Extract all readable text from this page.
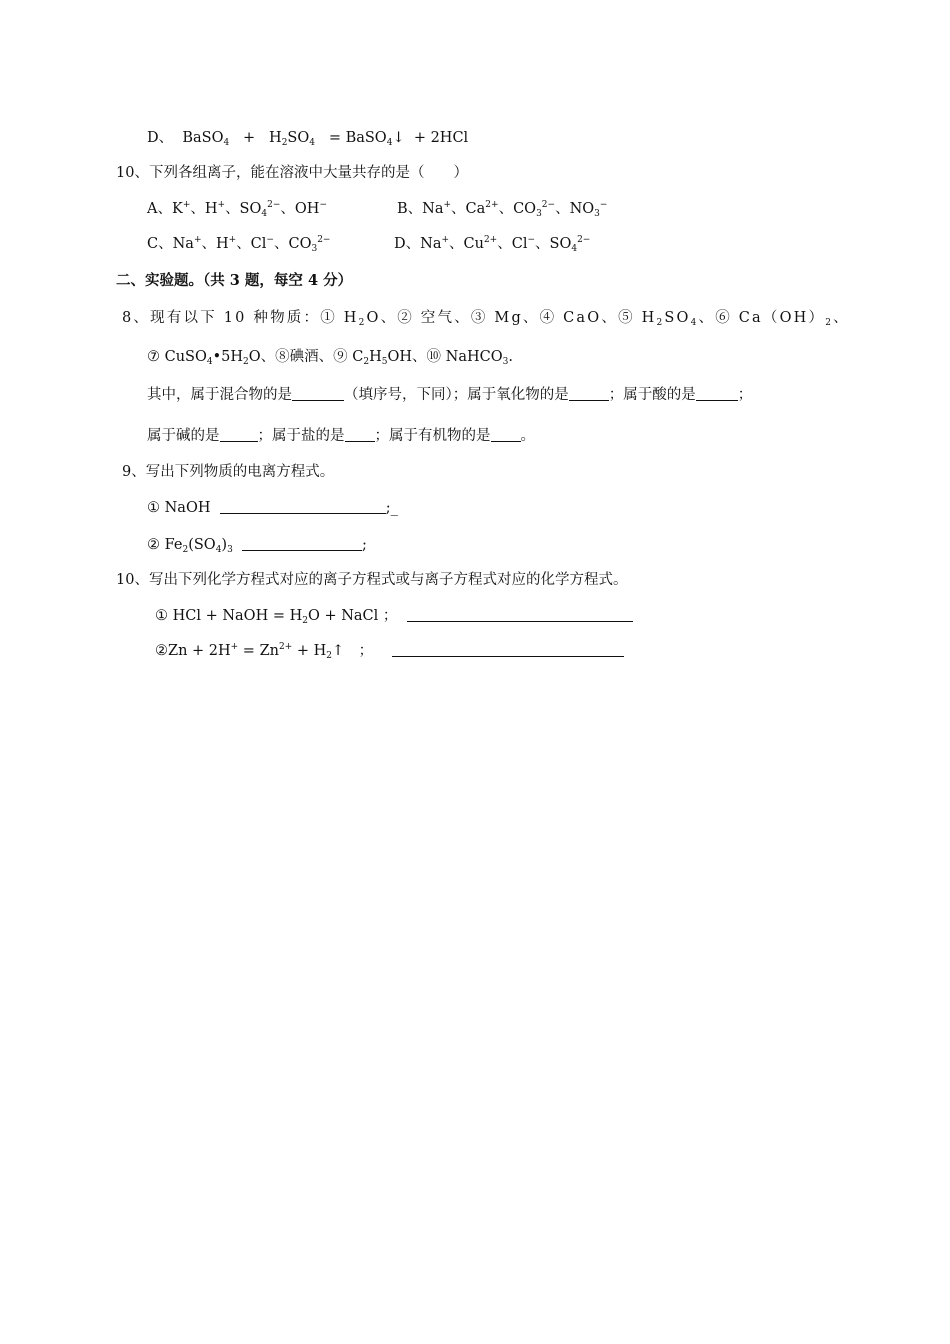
D、 BaSO$_4$ + $H_2SO_4$ = BaSO$_4$↓ + 2HCl
10、下列各组离子，能在溶液中大量共存的是（　　）
A、K+、H+、$SO_4^{2-}$、OH−	B、Na+、$Ca^{2+}$、$CO_3^{2-}$、$NO_3^-$
C、Na+、H+、Cl−、$CO_3^{2-}$	D、Na+、$Cu^{2+}$、Cl−、$SO_4^{2-}$
二、实验题。（共 3 题，每空 4 分）
8、现有以下 10 种物质：① $H_2O$、② 空气、③ Mg、④ CaO、⑤ $H_2SO_4$、⑥ $Ca(OH)_2$、
⑦ $CuSO_4•5H_2O$、⑧碘酒、⑨ $C_2H_5OH$、⑩ NaHCO$_3$.
其中，属于混合物的是	（填序号，下同）；属于氧化物的是	；属于酸的是	；
属于碱的是	；属于盐的是 ；属于有机物的是 。
9、写出下列物质的电离方程式。
① NaOH	;_
② $Fe_2(SO_4)_3$	;
10、写出下列化学方程式对应的离子方程式或与离子方程式对应的化学方程式。
① HCl + NaOH = $H_2O$ + NaCl ；
②Zn + $2H^+ = Zn^{2+}$ + $H_2↑$　；
